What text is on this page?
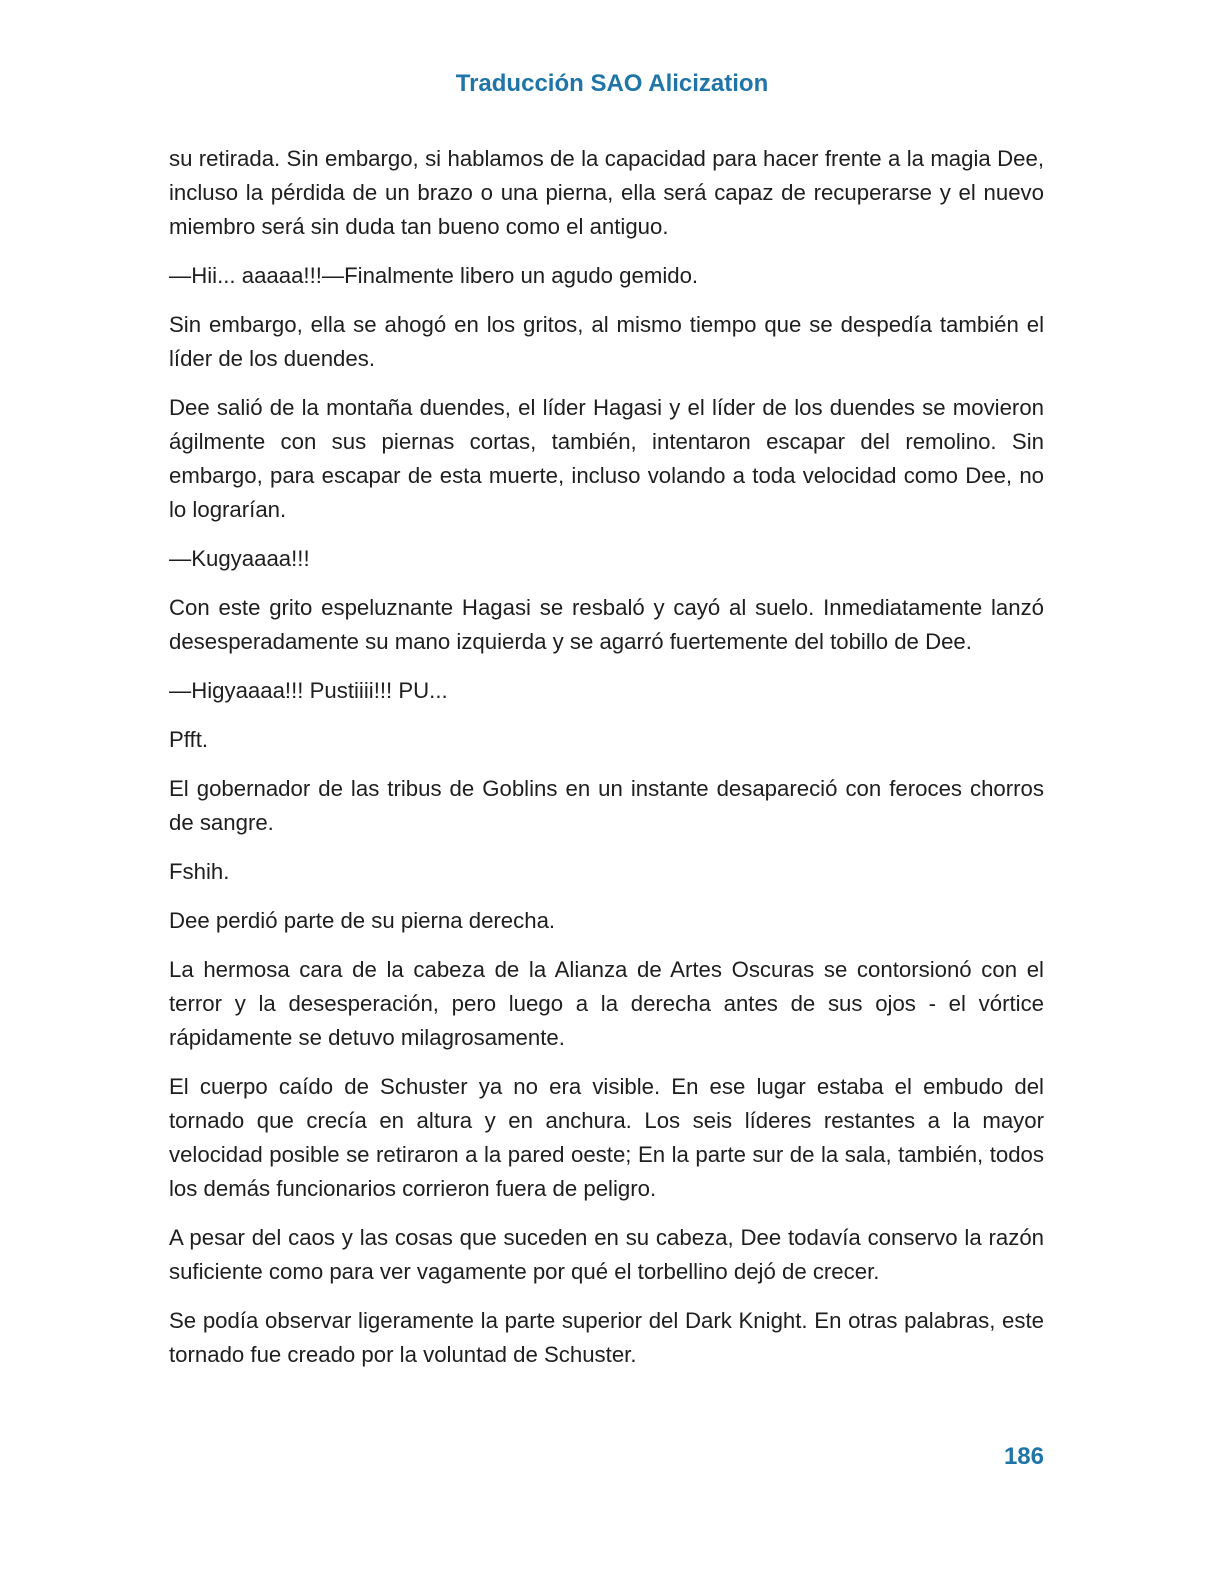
Traducción SAO Alicization

su retirada. Sin embargo, si hablamos de la capacidad para hacer frente a la magia Dee, incluso la pérdida de un brazo o una pierna, ella será capaz de recuperarse y el nuevo miembro será sin duda tan bueno como el antiguo.

—Hii... aaaaa!!!—Finalmente libero un agudo gemido.

Sin embargo, ella se ahogó en los gritos, al mismo tiempo que se despedía también el líder de los duendes.

Dee salió de la montaña duendes, el líder Hagasi y el líder de los duendes se movieron ágilmente con sus piernas cortas, también, intentaron escapar del remolino. Sin embargo, para escapar de esta muerte, incluso volando a toda velocidad como Dee, no lo lograrían.

—Kugyaaaa!!!

Con este grito espeluznante Hagasi se resbaló y cayó al suelo. Inmediatamente lanzó desesperadamente su mano izquierda y se agarró fuertemente del tobillo de Dee.

—Higyaaaa!!! Pustiiii!!! PU...

Pfft.

El gobernador de las tribus de Goblins en un instante desapareció con feroces chorros de sangre.

Fshih.

Dee perdió parte de su pierna derecha.

La hermosa cara de la cabeza de la Alianza de Artes Oscuras se contorsionó con el terror y la desesperación, pero luego a la derecha antes de sus ojos - el vórtice rápidamente se detuvo milagrosamente.

El cuerpo caído de Schuster ya no era visible. En ese lugar estaba el embudo del tornado que crecía en altura y en anchura. Los seis líderes restantes a la mayor velocidad posible se retiraron a la pared oeste; En la parte sur de la sala, también, todos los demás funcionarios corrieron fuera de peligro.

A pesar del caos y las cosas que suceden en su cabeza, Dee todavía conservo la razón suficiente como para ver vagamente por qué el torbellino dejó de crecer.

Se podía observar ligeramente la parte superior del Dark Knight. En otras palabras, este tornado fue creado por la voluntad de Schuster.

186
